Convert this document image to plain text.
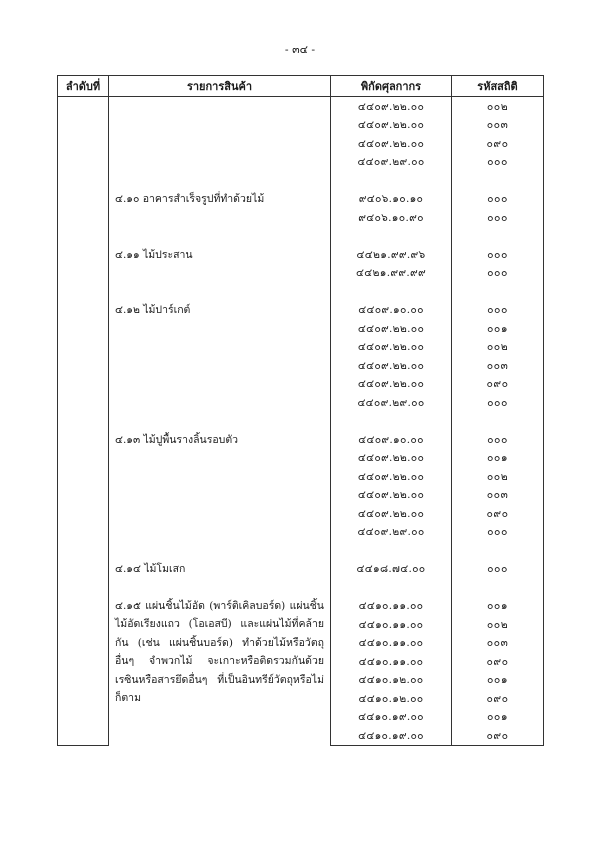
- ๓๔ -
ลำดับที่	รายการสินค้า	พิกัดศุลกากร	รหัสสถิติ
		๔๔๐๙.๒๒.๐๐	๐๐๒
		๔๔๐๙.๒๒.๐๐	๐๐๓
		๔๔๐๙.๒๒.๐๐	๐๙๐
		๔๔๐๙.๒๙.๐๐	๐๐๐

	๔.๑๐ อาคารสำเร็จรูปที่ทำด้วยไม้	๙๔๐๖.๑๐.๑๐	๐๐๐
		๙๔๐๖.๑๐.๙๐	๐๐๐

	๔.๑๑ ไม้ประสาน	๔๔๒๑.๙๙.๙๖	๐๐๐
		๔๔๒๑.๙๙.๙๙	๐๐๐

	๔.๑๒ ไม้ปาร์เกต์	๔๔๐๙.๑๐.๐๐	๐๐๐
		๔๔๐๙.๒๒.๐๐	๐๐๑
		๔๔๐๙.๒๒.๐๐	๐๐๒
		๔๔๐๙.๒๒.๐๐	๐๐๓
		๔๔๐๙.๒๒.๐๐	๐๙๐
		๔๔๐๙.๒๙.๐๐	๐๐๐

	๔.๑๓ ไม้ปูพื้นรางลิ้นรอบตัว	๔๔๐๙.๑๐.๐๐	๐๐๐
		๔๔๐๙.๒๒.๐๐	๐๐๑
		๔๔๐๙.๒๒.๐๐	๐๐๒
		๔๔๐๙.๒๒.๐๐	๐๐๓
		๔๔๐๙.๒๒.๐๐	๐๙๐
		๔๔๐๙.๒๙.๐๐	๐๐๐

	๔.๑๔ ไม้โมเสก	๔๔๑๘.๗๔.๐๐	๐๐๐

	๔.๑๕ แผ่นชิ้นไม้อัด (พาร์ติเคิลบอร์ด) แผ่นชิ้นไม้อัดเรียงแถว (โอเอสบี) และแผ่นไม้ที่คล้ายกัน (เช่น แผ่นชิ้นบอร์ด) ทำด้วยไม้หรือวัตถุอื่นๆ จำพวกไม้ จะเกาะหรือติดรวมกันด้วยเรซินหรือสารยึดอื่นๆ ที่เป็นอินทรีย์วัตถุหรือไม่ก็ตาม	๔๔๑๐.๑๑.๐๐	๐๐๑
		๔๔๑๐.๑๑.๐๐	๐๐๒
		๔๔๑๐.๑๑.๐๐	๐๐๓
		๔๔๑๐.๑๑.๐๐	๐๙๐
		๔๔๑๐.๑๒.๐๐	๐๐๑
		๔๔๑๐.๑๒.๐๐	๐๙๐
		๔๔๑๐.๑๙.๐๐	๐๐๑
		๔๔๑๐.๑๙.๐๐	๐๙๐
